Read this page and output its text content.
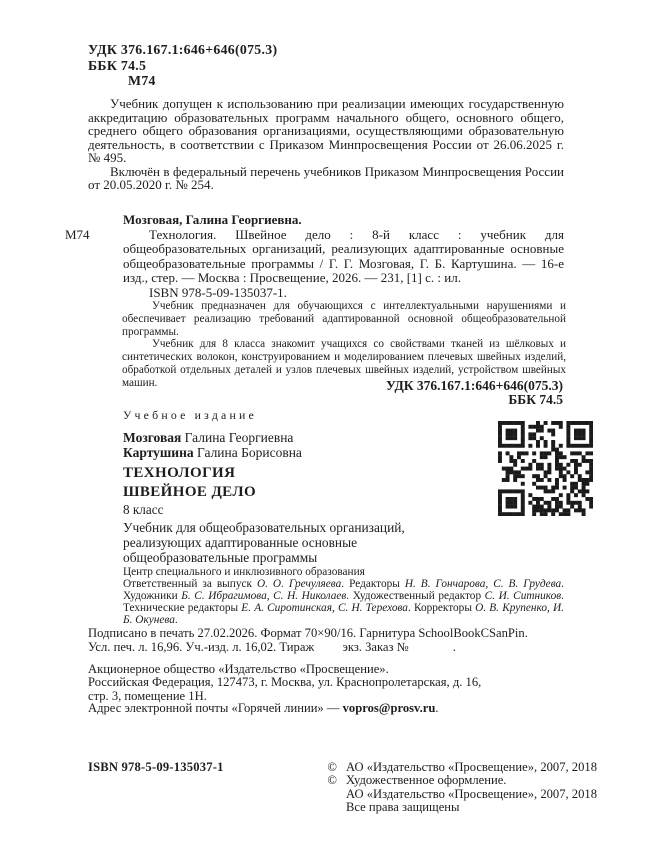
УДК 376.167.1:646+646(075.3)
ББК 74.5
М74

Учебник допущен к использованию при реализации имеющих государственную аккредитацию образовательных программ начального общего, основного общего, среднего общего образования организациями, осуществляющими образовательную деятельность, в соответствии с Приказом Минпросвещения России от 26.06.2025 г. № 495.

Включён в федеральный перечень учебников Приказом Минпросвещения России от 20.05.2020 г. № 254.

М74
Мозговая, Галина Георгиевна.

Технология. Швейное дело : 8-й класс : учебник для общеобразовательных организаций, реализующих адаптированные основные общеобразовательные программы / Г. Г. Мозговая, Г. Б. Картушина. — 16-е изд., стер. — Москва : Просвещение, 2026. — 231, [1] с. : ил.

ISBN 978-5-09-135037-1.

Учебник предназначен для обучающихся с интеллектуальными нарушениями и обеспечивает реализацию требований адаптированной основной общеобразовательной программы.

Учебник для 8 класса знакомит учащихся со свойствами тканей из шёлковых и синтетических волокон, конструированием и моделированием плечевых швейных изделий, обработкой отдельных деталей и узлов плечевых швейных изделий, устройством швейных машин.	УДК 376.167.1:646+646(075.3)
ББК 74.5
Учебное издание
Мозговая Галина Георгиевна
Картушина Галина Борисовна
ТЕХНОЛОГИЯ
ШВЕЙНОЕ ДЕЛО
8 класс
Учебник для общеобразовательных организаций,
реализующих адаптированные основные
общеобразовательные программы
Центр специального и инклюзивного образования
Ответственный за выпуск О. О. Гречуляева. Редакторы Н. В. Гончарова, С. В. Грудева. Художники Б. С. Ибрагимова, С. Н. Николаев. Художественный редактор С. И. Ситников. Технические редакторы Е. А. Сиротинская, С. Н. Терехова. Корректоры О. В. Крупенко, И. Б. Окунева.
Подписано в печать 27.02.2026. Формат 70×90/16. Гарнитура SchoolBookCSanPin.
Усл. печ. л. 16,96. Уч.-изд. л. 16,02. Тираж         экз. Заказ №              .
Акционерное общество «Издательство «Просвещение».
Российская Федерация, 127473, г. Москва, ул. Краснопролетарская, д. 16,
стр. 3, помещение 1Н.
Адрес электронной почты «Горячей линии» — vopros@prosv.ru.
ISBN 978-5-09-135037-1	© АО «Издательство «Просвещение», 2007, 2018
© Художественное оформление.
АО «Издательство «Просвещение», 2007, 2018
Все права защищены
